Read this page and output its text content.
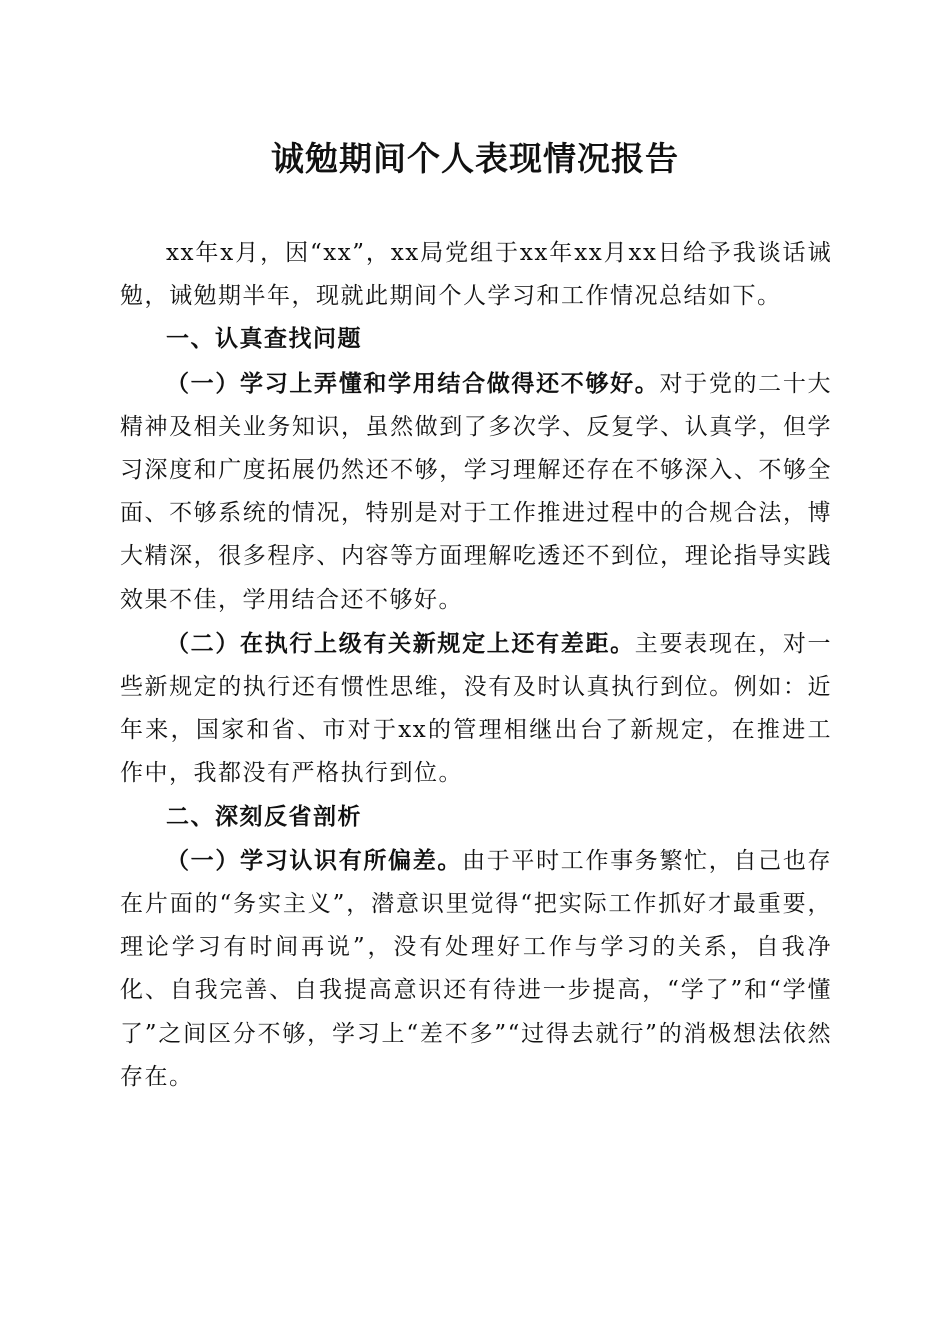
诚勉期间个人表现情况报告

xx年x月，因“xx”，xx局党组于xx年xx月xx日给予我谈话诫勉，诫勉期半年，现就此期间个人学习和工作情况总结如下。

一、认真查找问题

（一）学习上弄懂和学用结合做得还不够好。对于党的二十大精神及相关业务知识，虽然做到了多次学、反复学、认真学，但学习深度和广度拓展仍然还不够，学习理解还存在不够深入、不够全面、不够系统的情况，特别是对于工作推进过程中的合规合法，博大精深，很多程序、内容等方面理解吃透还不到位，理论指导实践效果不佳，学用结合还不够好。

（二）在执行上级有关新规定上还有差距。主要表现在，对一些新规定的执行还有惯性思维，没有及时认真执行到位。例如：近年来，国家和省、市对于xx的管理相继出台了新规定，在推进工作中，我都没有严格执行到位。

二、深刻反省剖析

（一）学习认识有所偏差。由于平时工作事务繁忙，自己也存在片面的“务实主义”，潜意识里觉得“把实际工作抓好才最重要，理论学习有时间再说”，没有处理好工作与学习的关系，自我净化、自我完善、自我提高意识还有待进一步提高，“学了”和“学懂了”之间区分不够，学习上“差不多”“过得去就行”的消极想法依然存在。
